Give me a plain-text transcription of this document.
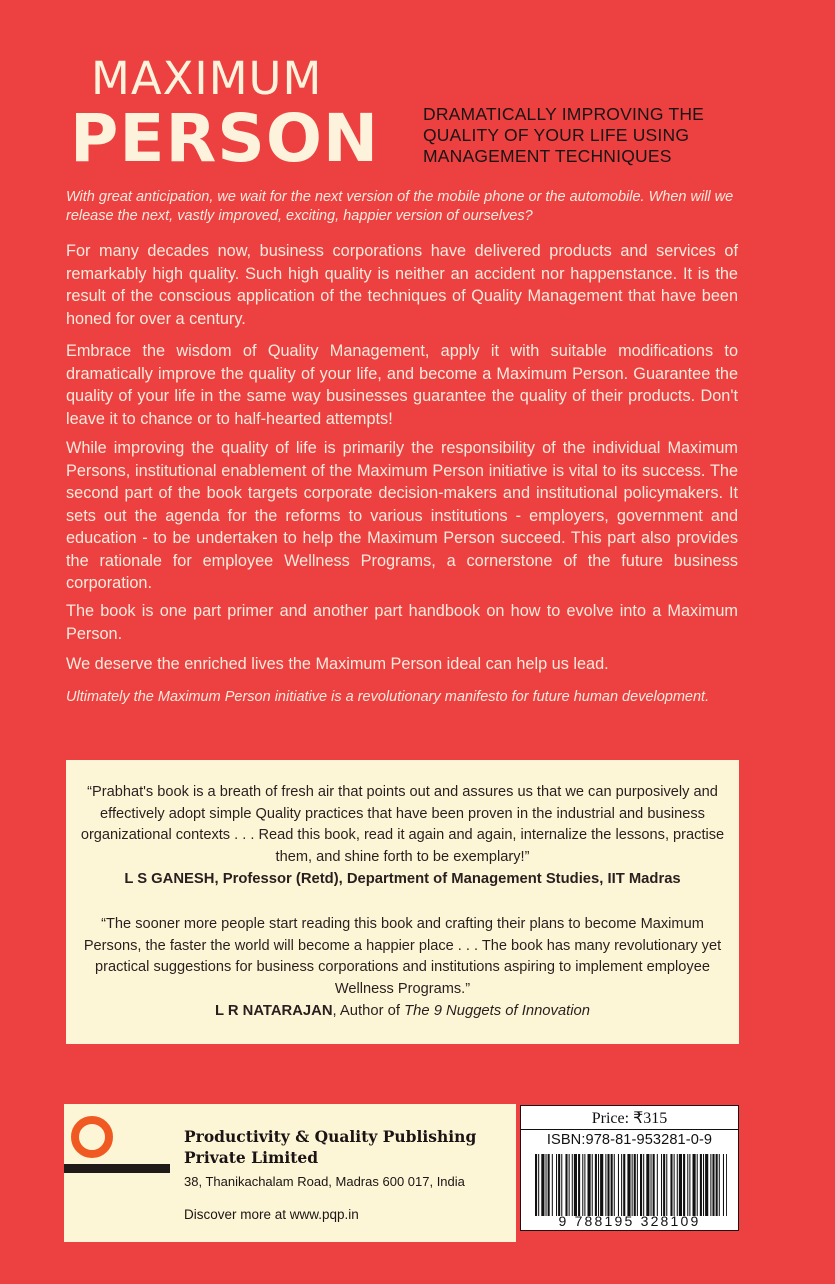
MAXIMUM
PERSON	DRAMATICALLY IMPROVING THE
QUALITY OF YOUR LIFE USING
MANAGEMENT TECHNIQUES
With great anticipation, we wait for the next version of the mobile phone or the automobile. When will we release the next, vastly improved, exciting, happier version of ourselves?
For many decades now, business corporations have delivered products and services of remarkably high quality. Such high quality is neither an accident nor happenstance. It is the result of the conscious application of the techniques of Quality Management that have been honed for over a century.
Embrace the wisdom of Quality Management, apply it with suitable modifications to dramatically improve the quality of your life, and become a Maximum Person. Guarantee the quality of your life in the same way businesses guarantee the quality of their products. Don't leave it to chance or to half-hearted attempts!
While improving the quality of life is primarily the responsibility of the individual Maximum Persons, institutional enablement of the Maximum Person initiative is vital to its success. The second part of the book targets corporate decision-makers and institutional policymakers. It sets out the agenda for the reforms to various institutions - employers, government and education - to be undertaken to help the Maximum Person succeed. This part also provides the rationale for employee Wellness Programs, a cornerstone of the future business corporation.
The book is one part primer and another part handbook on how to evolve into a Maximum Person.
We deserve the enriched lives the Maximum Person ideal can help us lead.
Ultimately the Maximum Person initiative is a revolutionary manifesto for future human development.
“Prabhat's book is a breath of fresh air that points out and assures us that we can purposively and effectively adopt simple Quality practices that have been proven in the industrial and business organizational contexts . . . Read this book, read it again and again, internalize the lessons, practise them, and shine forth to be exemplary!”
L S GANESH, Professor (Retd), Department of Management Studies, IIT Madras
“The sooner more people start reading this book and crafting their plans to become Maximum Persons, the faster the world will become a happier place . . . The book has many revolutionary yet practical suggestions for business corporations and institutions aspiring to implement employee Wellness Programs.”
L R NATARAJAN, Author of The 9 Nuggets of Innovation
Productivity & Quality Publishing
Private Limited
38, Thanikachalam Road, Madras 600 017, India
Discover more at www.pqp.in
Price: ₹315
ISBN:978-81-953281-0-9
9 788195 328109
